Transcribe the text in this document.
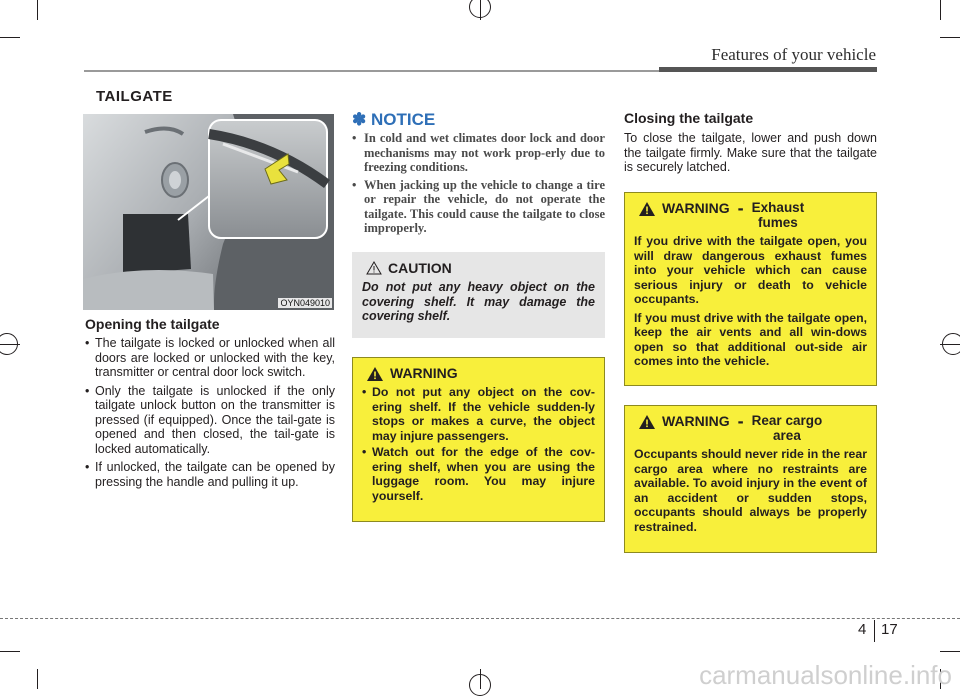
Features of your vehicle
TAILGATE
OYN049010
Opening the tailgate
• The tailgate is locked or unlocked when all doors are locked or unlocked with the key, transmitter or central door lock switch.
• Only the tailgate is unlocked if the only tailgate unlock button on the transmitter is pressed (if equipped). Once the tail-gate is opened and then closed, the tail-gate is locked automatically.
• If unlocked, the tailgate can be opened by pressing the handle and pulling it up.
✽ NOTICE
• In cold and wet climates door lock and door mechanisms may not work prop-erly due to freezing conditions.
• When jacking up the vehicle to change a tire or repair the vehicle, do not operate the tailgate. This could cause the tailgate to close improperly.
CAUTION
Do not put any heavy object on the covering shelf. It may damage the covering shelf.
WARNING
• Do not put any object on the cov-ering shelf. If the vehicle sudden-ly stops or makes a curve, the object may injure passengers.
• Watch out for the edge of the cov-ering shelf, when you are using the luggage room. You may injure yourself.
Closing the tailgate
To close the tailgate, lower and push down the tailgate firmly. Make sure that the tailgate is securely latched.
WARNING - Exhaust
fumes

If you drive with the tailgate open, you will draw dangerous exhaust fumes into your vehicle which can cause serious injury or death to vehicle occupants.

If you must drive with the tailgate open, keep the air vents and all win-dows open so that additional out-side air comes into the vehicle.

WARNING - Rear cargo
area

Occupants should never ride in the rear cargo area where no restraints are available. To avoid injury in the event of an accident or sudden stops, occupants should always be properly restrained.

4 17
carmanualsonline.info
